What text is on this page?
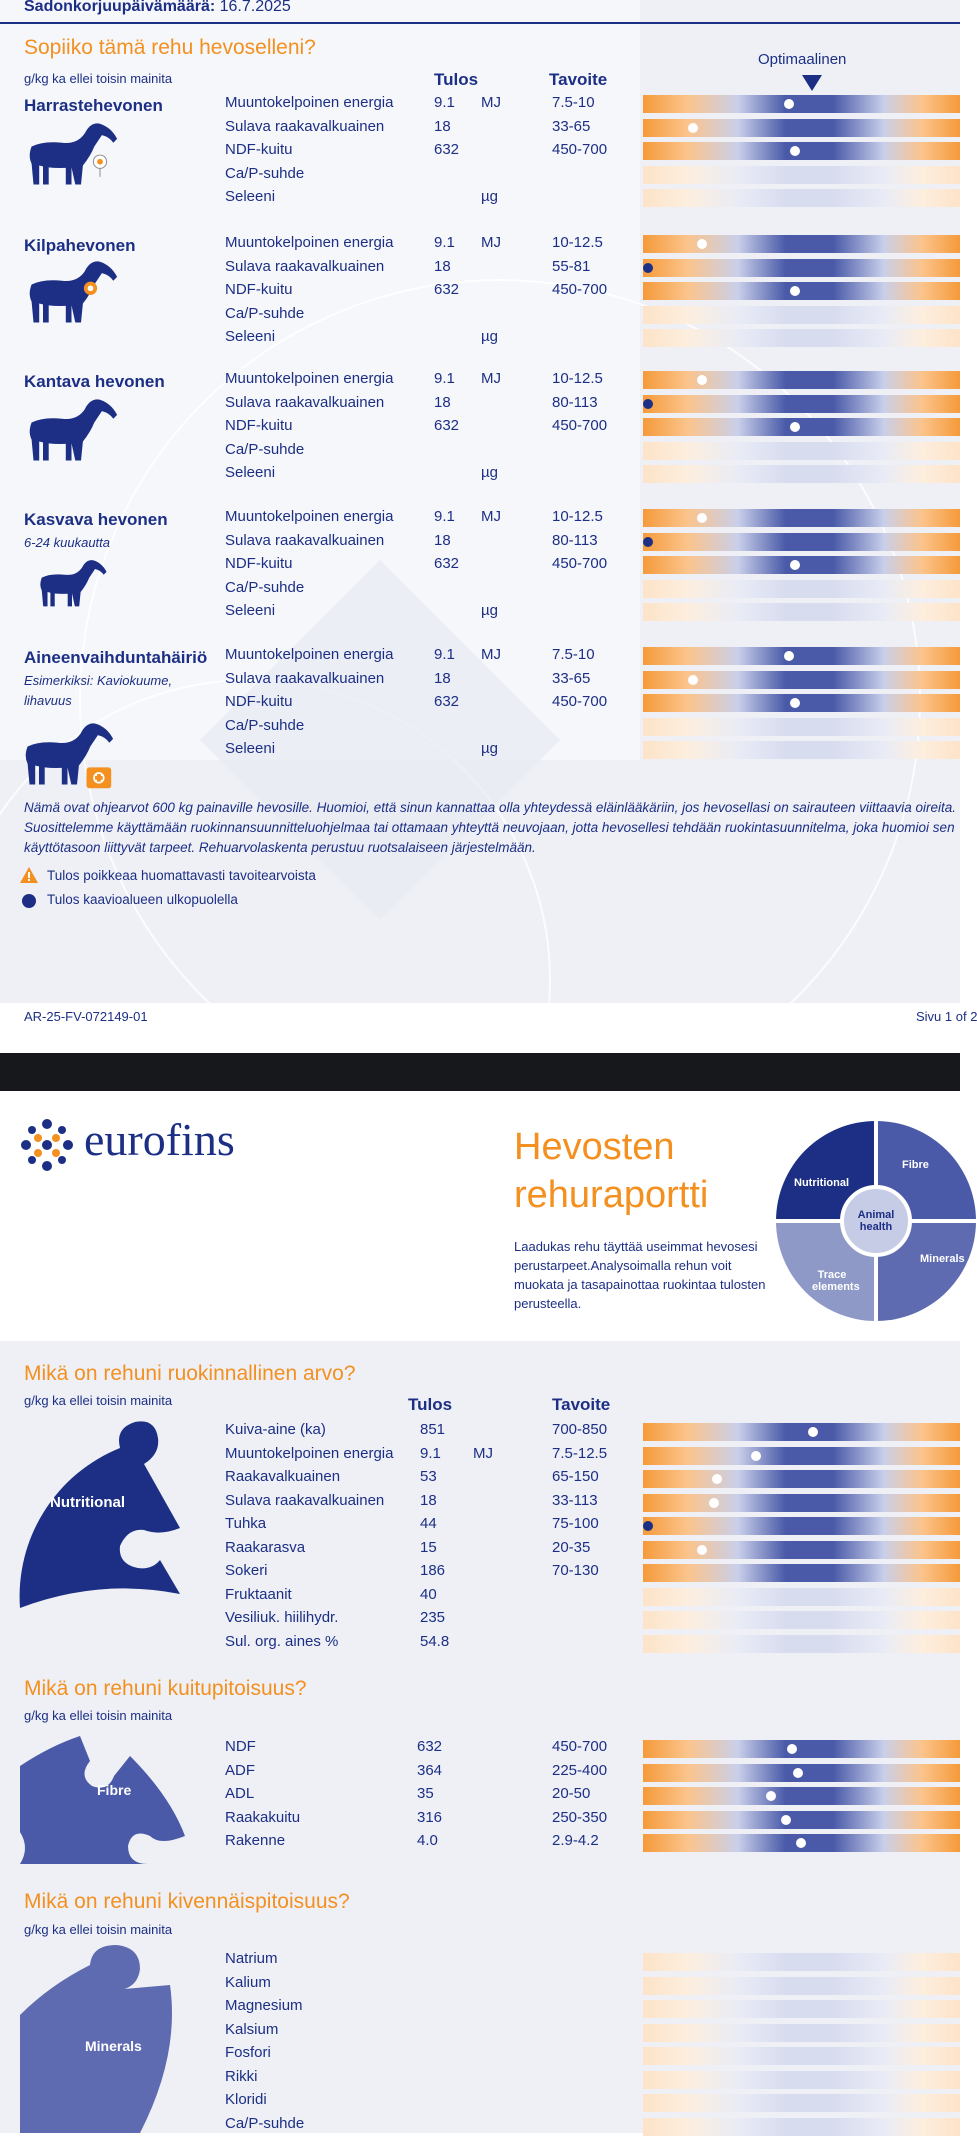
Sadonkorjuupäivämäärä: 16.7.2025
Sopiiko tämä rehu hevoselleni?
g/kg ka ellei toisin mainita	Tulos	Tavoite
Optimaalinen
Harrastehevonen	Muuntokelpoinen energia	9.1 MJ	7.5-10
Sulava raakavalkuainen	18	33-65
NDF-kuitu	632	450-700
Ca/P-suhde
Seleeni	µg
Kilpahevonen	Muuntokelpoinen energia	9.1 MJ	10-12.5
Sulava raakavalkuainen	18	55-81
NDF-kuitu	632	450-700
Ca/P-suhde
Seleeni	µg
Kantava hevonen	Muuntokelpoinen energia	9.1 MJ	10-12.5
Sulava raakavalkuainen	18	80-113
NDF-kuitu	632	450-700
Ca/P-suhde
Seleeni	µg
Kasvava hevonen
6-24 kuukautta
Muuntokelpoinen energia	9.1 MJ	10-12.5
Sulava raakavalkuainen	18	80-113
NDF-kuitu	632	450-700
Ca/P-suhde
Seleeni	µg
Aineenvaihduntahäiriö
Esimerkiksi: Kaviokuume, lihavuus
Muuntokelpoinen energia	9.1 MJ	7.5-10
Sulava raakavalkuainen	18	33-65
NDF-kuitu	632	450-700
Ca/P-suhde
Seleeni	µg
Nämä ovat ohjearvot 600 kg painaville hevosille. Huomioi, että sinun kannattaa olla yhteydessä eläinlääkäriin, jos hevosellasi on sairauteen viittaavia oireita. Suosittelemme käyttämään ruokinnansuunnitteluohjelmaa tai ottamaan yhteyttä neuvojaan, jotta hevosellesi tehdään ruokintasuunnitelma, joka huomioi sen käyttötasoon liittyvät tarpeet. Rehuarvolaskenta perustuu ruotsalaiseen järjestelmään.
Tulos poikkeaa huomattavasti tavoitearvoista
Tulos kaavioalueen ulkopuolella
AR-25-FV-072149-01	Sivu 1 of 2
eurofins	Hevosten
rehuraportti
Laadukas rehu täyttää useimmat hevosesi perustarpeet.Analysoimalla rehun voit muokata ja tasapainottaa ruokintaa tulosten perusteella.
Nutritional
Fibre
Animal health
Minerals
Trace elements
Mikä on rehuni ruokinnallinen arvo?
g/kg ka ellei toisin mainita	Tulos	Tavoite
Nutritional
Kuiva-aine (ka)	851	700-850
Muuntokelpoinen energia 9.1 MJ	7.5-12.5
Raakavalkuainen	53	65-150
Sulava raakavalkuainen 18	33-113
Tuhka	44	75-100
Raakarasva	15	20-35
Sokeri	186	70-130
Fruktaanit	40
Vesiliuk. hiilihydr.	235
Sul. org. aines %	54.8
Mikä on rehuni kuitupitoisuus?
g/kg ka ellei toisin mainita
Fibre
NDF	632	450-700
ADF	364	225-400
ADL	35	20-50
Raakakuitu	316	250-350
Rakenne	4.0	2.9-4.2
Mikä on rehuni kivennäispitoisuus?
g/kg ka ellei toisin mainita
Minerals
Natrium
Kalium
Magnesium
Kalsium
Fosfori
Rikki
Kloridi
Ca/P-suhde
